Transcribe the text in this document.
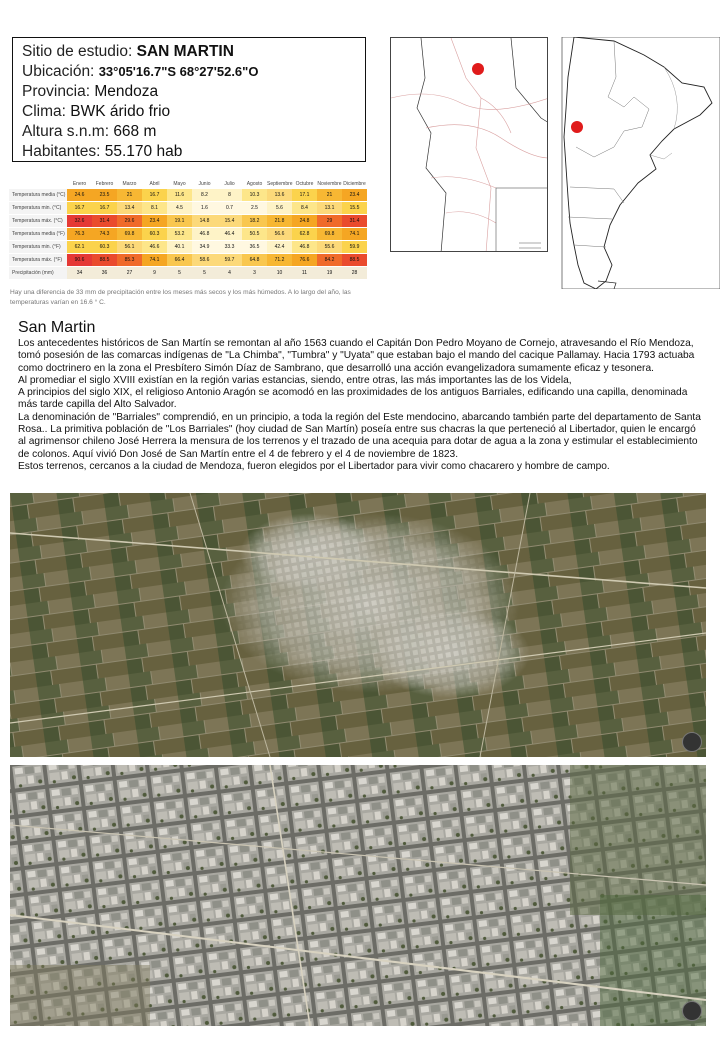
Sitio de estudio: SAN MARTIN
Ubicación: 33°05'16.7"S 68°27'52.6"O
Provincia: Mendoza
Clima: BWK árido frio
Altura s.n.m: 668 m
Habitantes: 55.170 hab
	Enero	Febrero	Marzo	Abril	Mayo	Junio	Julio	Agosto	Septiembre	Octubre	Noviembre	Diciembre
Temperatura media (°C)	24.6	23.5	21	16.7	11.6	8.2	8	10.3	13.6	17.1	21	23.4
Temperatura min. (°C)	16.7	16.7	13.4	8.1	4.5	1.6	0.7	2.5	5.6	8.4	13.1	15.5
Temperatura máx. (°C)	32.6	31.4	29.6	23.4	19.1	14.8	15.4	18.2	21.8	24.8	29	31.4
Temperatura media (°F)	76.3	74.3	69.8	60.3	53.2	46.8	46.4	50.5	56.6	62.8	69.8	74.1
Temperatura min. (°F)	62.1	60.3	56.1	46.6	40.1	34.9	33.3	36.5	42.4	46.8	55.6	59.9
Temperatura máx. (°F)	90.6	88.5	85.3	74.1	66.4	58.6	59.7	64.8	71.2	76.6	84.2	88.5
Precipitación (mm)	34	36	27	9	5	5	4	3	10	11	19	28
Hay una diferencia de 33 mm de precipitación entre los meses más secos y los más húmedos. A lo largo del año, las temperaturas varían en 16.6 ° C.
San Martin

Los antecedentes históricos de San Martín se remontan al año 1563 cuando el Capitán Don Pedro Moyano de Cornejo, atravesando el Río Mendoza, tomó posesión de las comarcas indígenas de "La Chimba", "Tumbra" y "Uyata" que estaban bajo el mando del cacique Pallamay. Hacia 1793 actuaba como doctrinero en la zona el Presbítero Simón Díaz de Sambrano, que desarrolló una acción evangelizadora sumamente eficaz y tesonera.

Al promediar el siglo XVIII existían en la región varias estancias, siendo, entre otras, las más importantes las de los Videla,

A principios del siglo XIX, el religioso Antonio Aragón se acomodó en las proximidades de los antiguos Barriales, edificando una capilla, denominada más tarde capilla del Alto Salvador.

La denominación de "Barriales" comprendió, en un principio, a toda la región del Este mendocino, abarcando también parte del departamento de Santa Rosa.. La primitiva población de "Los Barriales" (hoy ciudad de San Martín) poseía entre sus chacras la que perteneció al Libertador, quien le encargó al agrimensor chileno José Herrera la mensura de los terrenos y el trazado de una acequia para dotar de agua a la zona y estimular el establecimiento de colonos. Aquí vivió Don José de San Martín entre el 4 de febrero y el 4 de noviembre de 1823.

Estos terrenos, cercanos a la ciudad de Mendoza, fueron elegidos por el Libertador para vivir como chacarero y hombre de campo.
